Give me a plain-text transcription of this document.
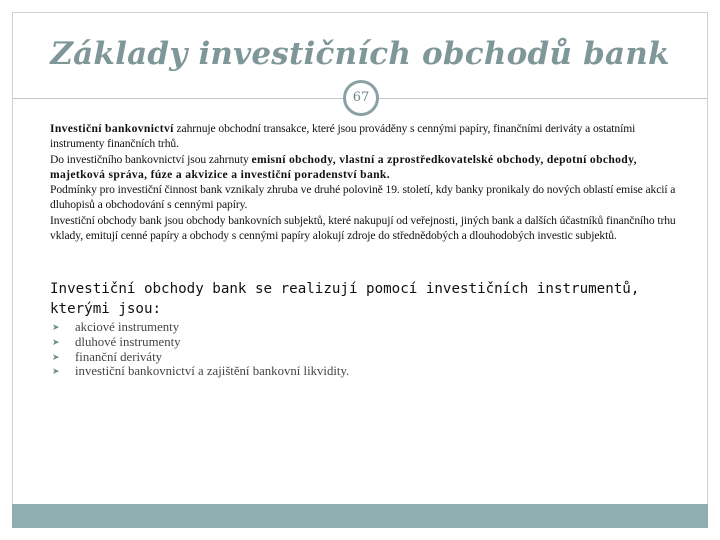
Základy investičních obchodů bank
67

Investiční bankovnictví zahrnuje obchodní transakce, které jsou prováděny s cennými papíry, finančními deriváty a ostatními instrumenty finančních trhů.

Do investičního bankovnictví jsou zahrnuty emisní obchody, vlastní a zprostředkovatelské obchody, depotní obchody, majetková správa, fúze a akvizice a investiční poradenství bank.

Podmínky pro investiční činnost bank vznikaly zhruba ve druhé polovině 19. století, kdy banky pronikaly do nových oblastí emise akcií a dluhopisů a obchodování s cennými papíry.

Investiční obchody bank jsou obchody bankovních subjektů, které nakupují od veřejnosti, jiných bank a dalších účastníků finančního trhu vklady, emitují cenné papíry a obchody s cennými papíry alokují zdroje do střednědobých a dlouhodobých investic subjektů.

Investiční obchody bank se realizují pomocí investičních instrumentů, kterými jsou:
➤ akciové instrumenty
➤ dluhové instrumenty
➤ finanční deriváty
➤ investiční bankovnictví a zajištění bankovní likvidity.
